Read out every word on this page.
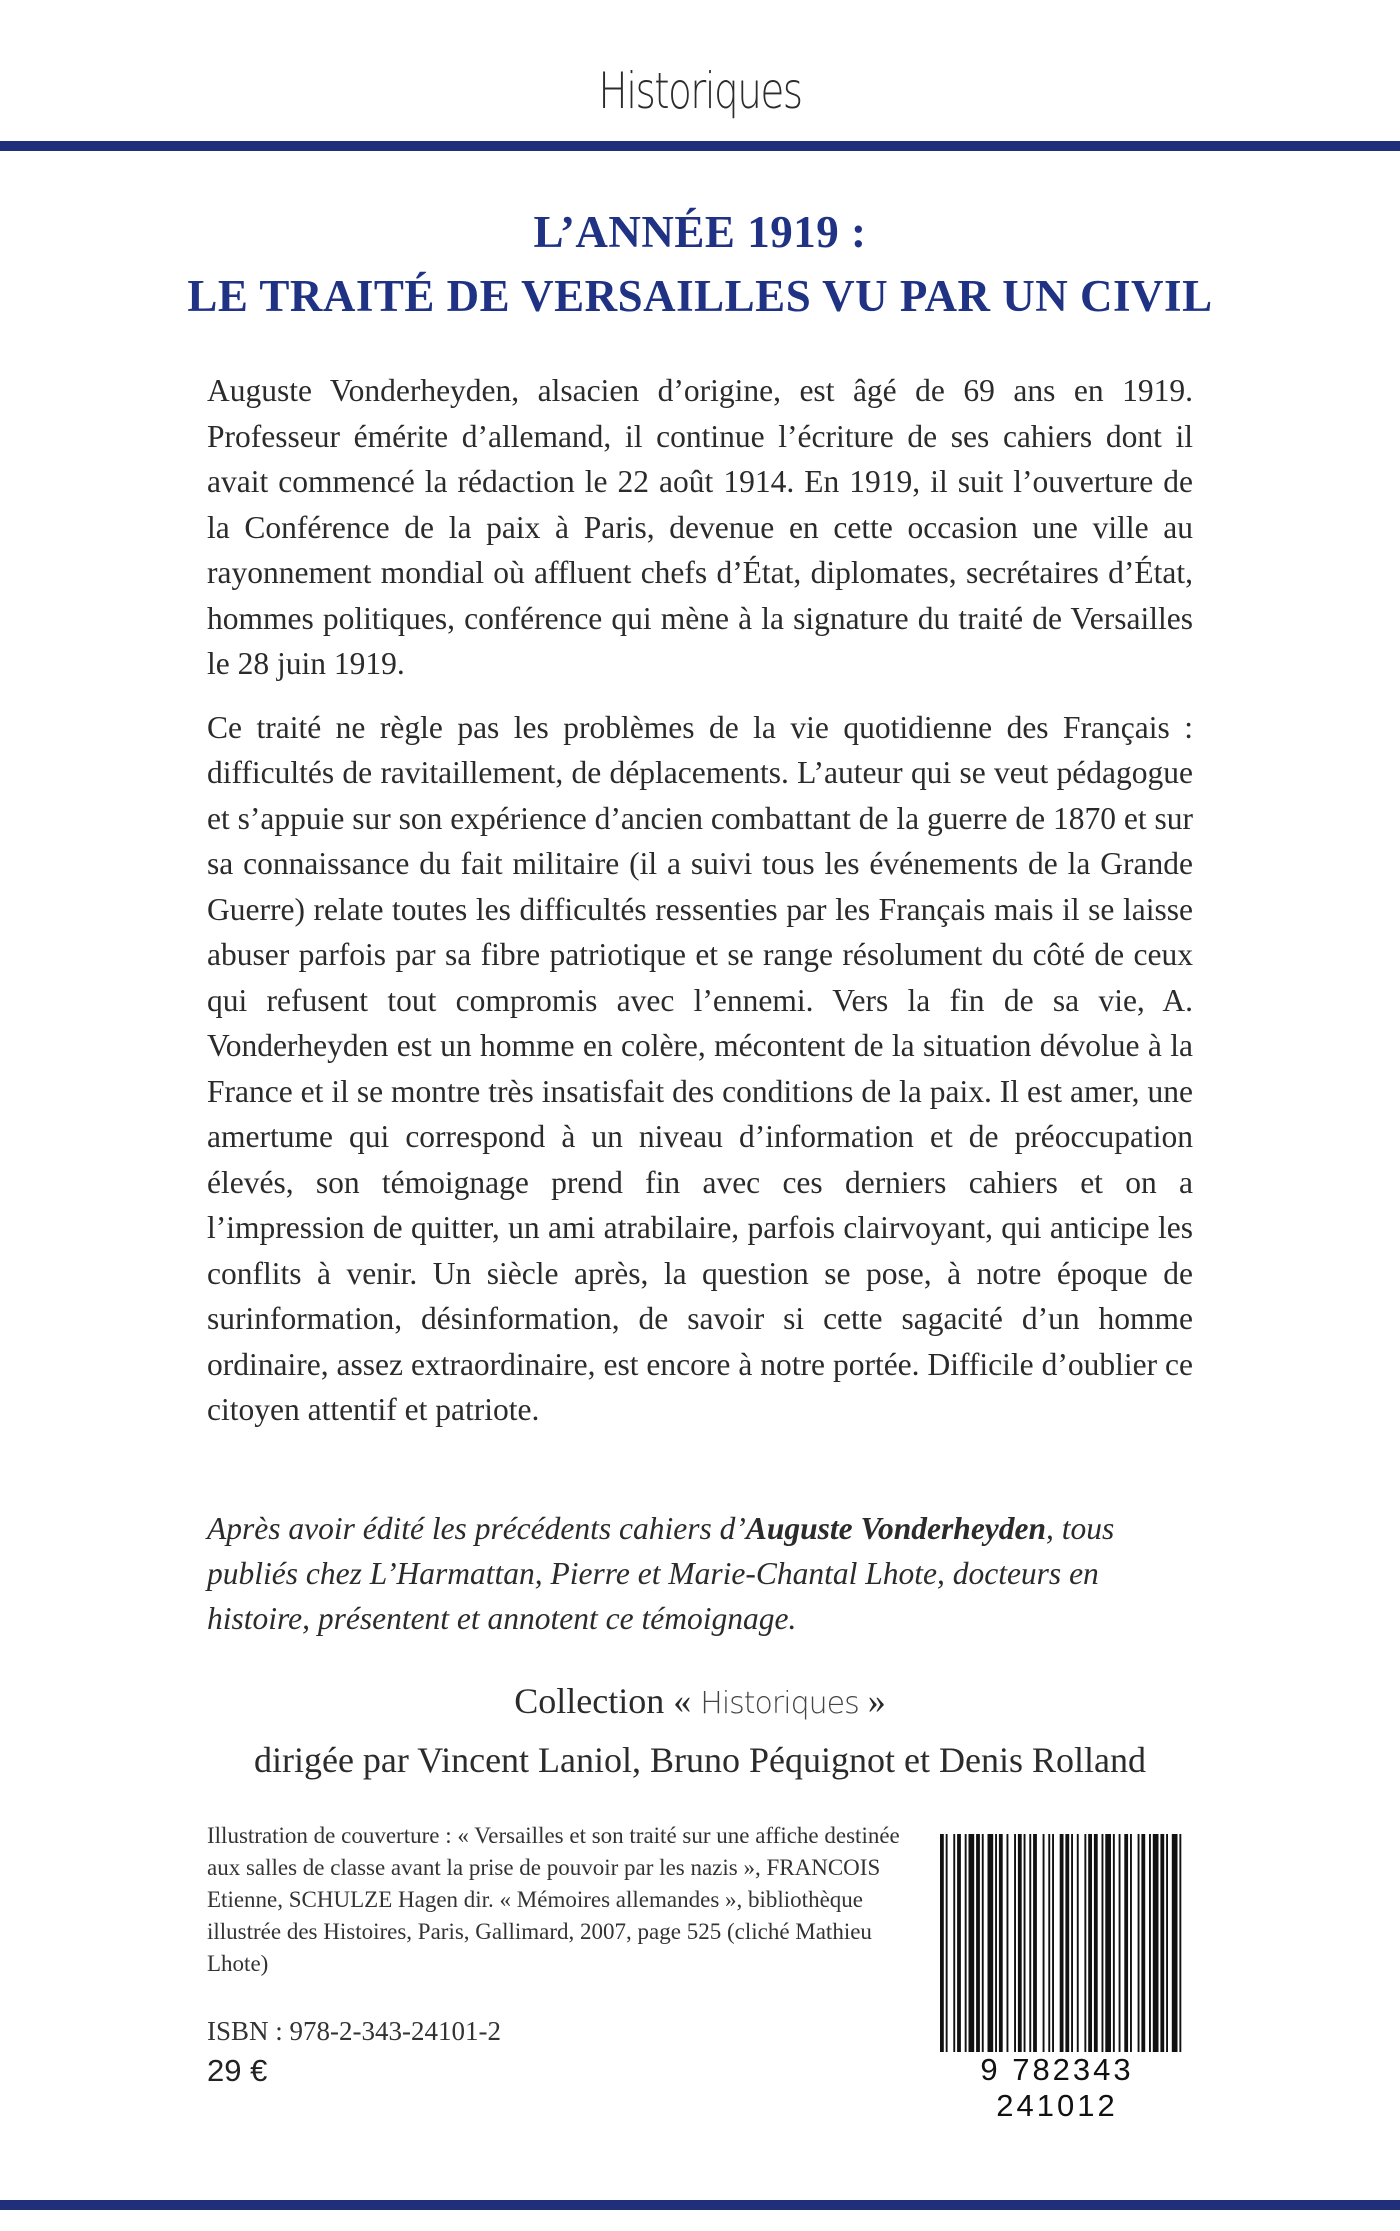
Historiques
L’ANNÉE 1919 :
LE TRAITÉ DE VERSAILLES VU PAR UN CIVIL

Auguste Vonderheyden, alsacien d’origine, est âgé de 69 ans en 1919. Professeur émérite d’allemand, il continue l’écriture de ses cahiers dont il avait commencé la rédaction le 22 août 1914. En 1919, il suit l’ouverture de la Conférence de la paix à Paris, devenue en cette occasion une ville au rayonnement mondial où affluent chefs d’État, diplomates, secrétaires d’État, hommes politiques, conférence qui mène à la signature du traité de Versailles le 28 juin 1919.

Ce traité ne règle pas les problèmes de la vie quotidienne des Français : difficultés de ravitaillement, de déplacements. L’auteur qui se veut pédagogue et s’appuie sur son expérience d’ancien combattant de la guerre de 1870 et sur sa connaissance du fait militaire (il a suivi tous les événements de la Grande Guerre) relate toutes les difficultés ressenties par les Français mais il se laisse abuser parfois par sa fibre patriotique et se range résolument du côté de ceux qui refusent tout compromis avec l’ennemi. Vers la fin de sa vie, A. Vonderheyden est un homme en colère, mécontent de la situation dévolue à la France et il se montre très insatisfait des conditions de la paix. Il est amer, une amertume qui correspond à un niveau d’information et de préoccupation élevés, son témoignage prend fin avec ces derniers cahiers et on a l’impression de quitter, un ami atrabilaire, parfois clairvoyant, qui anticipe les conflits à venir. Un siècle après, la question se pose, à notre époque de surinformation, désinformation, de savoir si cette sagacité d’un homme ordinaire, assez extraordinaire, est encore à notre portée. Difficile d’oublier ce citoyen attentif et patriote.

Après avoir édité les précédents cahiers d’Auguste Vonderheyden, tous publiés chez L’Harmattan, Pierre et Marie-Chantal Lhote, docteurs en histoire, présentent et annotent ce témoignage.
Collection « Historiques »
dirigée par Vincent Laniol, Bruno Péquignot et Denis Rolland
Illustration de couverture : « Versailles et son traité sur une affiche destinée aux salles de classe avant la prise de pouvoir par les nazis », FRANCOIS Etienne, SCHULZE Hagen dir. « Mémoires allemandes », bibliothèque illustrée des Histoires, Paris, Gallimard, 2007, page 525 (cliché Mathieu Lhote)
ISBN : 978-2-343-24101-2
29 €	9 782343 241012
